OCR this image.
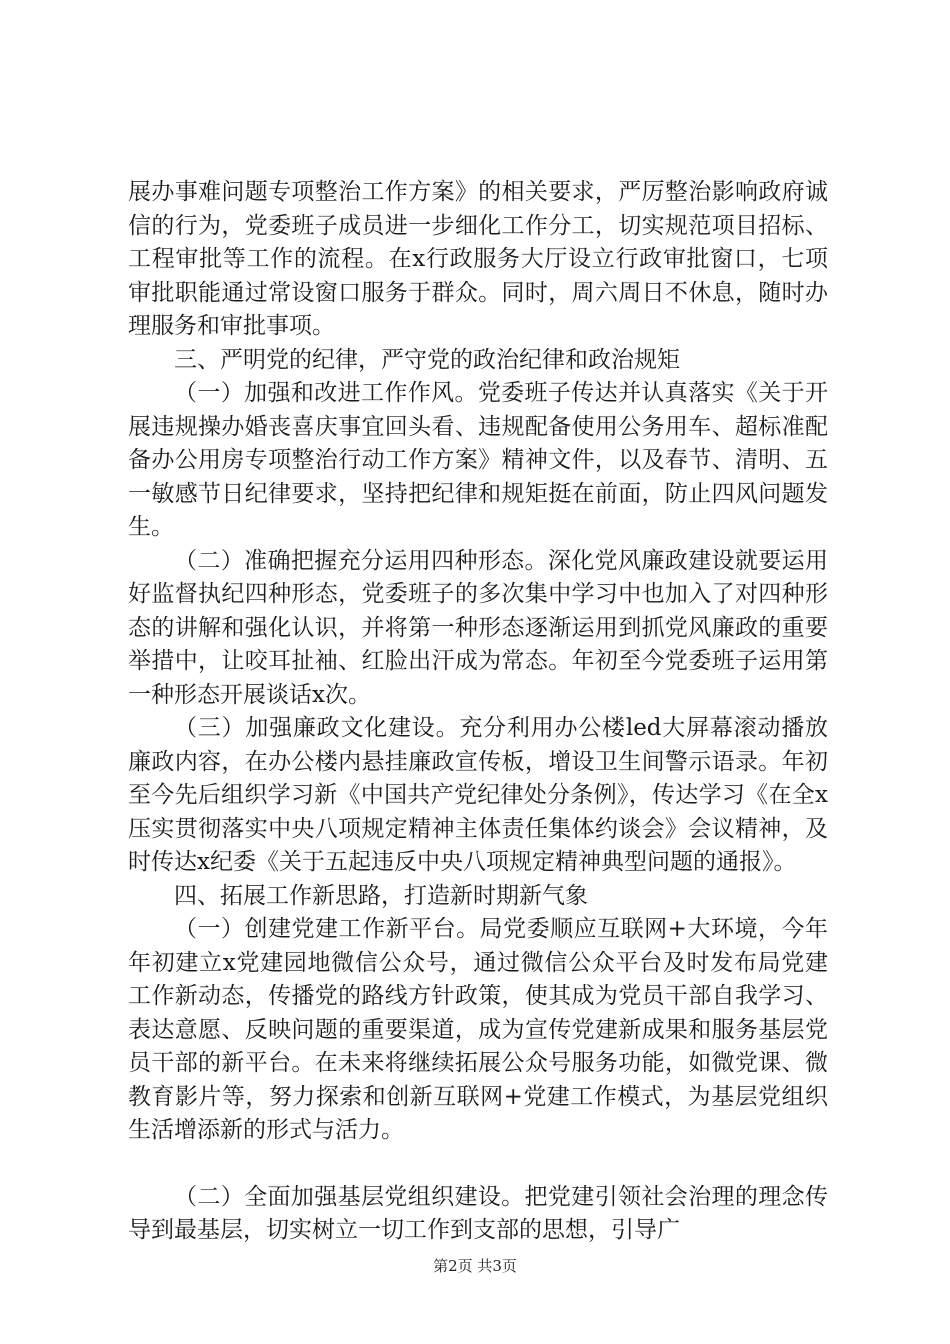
展办事难问题专项整治工作方案》的相关要求，严厉整治影响政府诚信的行为，党委班子成员进一步细化工作分工，切实规范项目招标、工程审批等工作的流程。在x行政服务大厅设立行政审批窗口，七项审批职能通过常设窗口服务于群众。同时，周六周日不休息，随时办理服务和审批事项。

三、严明党的纪律，严守党的政治纪律和政治规矩

（一）加强和改进工作作风。党委班子传达并认真落实《关于开展违规操办婚丧喜庆事宜回头看、违规配备使用公务用车、超标准配备办公用房专项整治行动工作方案》精神文件，以及春节、清明、五一敏感节日纪律要求，坚持把纪律和规矩挺在前面，防止四风问题发生。

（二）准确把握充分运用四种形态。深化党风廉政建设就要运用好监督执纪四种形态，党委班子的多次集中学习中也加入了对四种形态的讲解和强化认识，并将第一种形态逐渐运用到抓党风廉政的重要举措中，让咬耳扯袖、红脸出汗成为常态。年初至今党委班子运用第一种形态开展谈话x次。

（三）加强廉政文化建设。充分利用办公楼led大屏幕滚动播放廉政内容，在办公楼内悬挂廉政宣传板，增设卫生间警示语录。年初至今先后组织学习新《中国共产党纪律处分条例》，传达学习《在全x压实贯彻落实中央八项规定精神主体责任集体约谈会》会议精神，及时传达x纪委《关于五起违反中央八项规定精神典型问题的通报》。

四、拓展工作新思路，打造新时期新气象

（一）创建党建工作新平台。局党委顺应互联网+大环境，今年年初建立x党建园地微信公众号，通过微信公众平台及时发布局党建工作新动态，传播党的路线方针政策，使其成为党员干部自我学习、表达意愿、反映问题的重要渠道，成为宣传党建新成果和服务基层党员干部的新平台。在未来将继续拓展公众号服务功能，如微党课、微教育影片等，努力探索和创新互联网+党建工作模式，为基层党组织生活增添新的形式与活力。

（二）全面加强基层党组织建设。把党建引领社会治理的理念传导到最基层，切实树立一切工作到支部的思想，引导广

第2页 共3页
